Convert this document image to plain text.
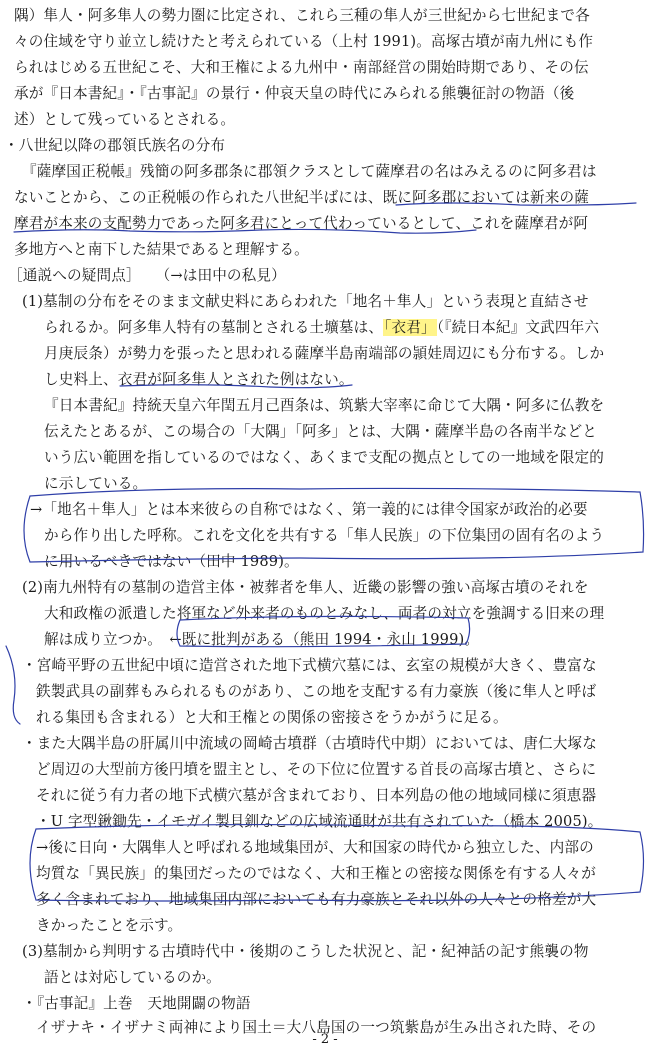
隅）隼人・阿多隼人の勢力圏に比定され、これら三種の隼人が三世紀から七世紀まで各
々の住域を守り並立し続けたと考えられている（上村 1991)。高塚古墳が南九州にも作
られはじめる五世紀こそ、大和王権による九州中・南部経営の開始時期であり、その伝
承が『日本書紀』・『古事記』の景行・仲哀天皇の時代にみられる熊襲征討の物語（後
述）として残っているとされる。
・八世紀以降の郡領氏族名の分布
『薩摩国正税帳』残簡の阿多郡条に郡領クラスとして薩摩君の名はみえるのに阿多君は
ないことから、この正税帳の作られた八世紀半ばには、既に阿多郡においては新来の薩
摩君が本来の支配勢力であった阿多君にとって代わっているとして、これを薩摩君が阿
多地方へと南下した結果であると理解する。
［通説への疑問点］　　（→は田中の私見）
(1)墓制の分布をそのまま文献史料にあらわれた「地名＋隼人」という表現と直結させ
られるか。阿多隼人特有の墓制とされる土壙墓は、「衣君」（『続日本紀』文武四年六
月庚辰条）が勢力を張ったと思われる薩摩半島南端部の頴娃周辺にも分布する。しか
し史料上、衣君が阿多隼人とされた例はない。
『日本書紀』持統天皇六年閏五月己酉条は、筑紫大宰率に命じて大隅・阿多に仏教を
伝えたとあるが、この場合の「大隅」「阿多」とは、大隅・薩摩半島の各南半などと
いう広い範囲を指しているのではなく、あくまで支配の拠点としての一地域を限定的
に示している。
→「地名＋隼人」とは本来彼らの自称ではなく、第一義的には律令国家が政治的必要
から作り出した呼称。これを文化を共有する「隼人民族」の下位集団の固有名のよう
に用いるべきではない（田中 1989)。
(2)南九州特有の墓制の造営主体・被葬者を隼人、近畿の影響の強い高塚古墳のそれを
大和政権の派遣した将軍など外来者のものとみなし、両者の対立を強調する旧来の理
解は成り立つか。　←既に批判がある（熊田 1994・永山 1999)。
・宮崎平野の五世紀中頃に造営された地下式横穴墓には、玄室の規模が大きく、豊富な
鉄製武具の副葬もみられるものがあり、この地を支配する有力豪族（後に隼人と呼ば
れる集団も含まれる）と大和王権との関係の密接さをうかがうに足る。
・また大隅半島の肝属川中流域の岡崎古墳群（古墳時代中期）においては、唐仁大塚な
ど周辺の大型前方後円墳を盟主とし、その下位に位置する首長の高塚古墳と、さらに
それに従う有力者の地下式横穴墓が含まれており、日本列島の他の地域同様に須恵器
・U 字型鍬鋤先・イモガイ製貝釧などの広域流通財が共有されていた（橋本 2005)。
→後に日向・大隅隼人と呼ばれる地域集団が、大和国家の時代から独立した、内部の
均質な「異民族」的集団だったのではなく、大和王権との密接な関係を有する人々が
多く含まれており、地域集団内部においても有力豪族とそれ以外の人々との格差が大
きかったことを示す。
(3)墓制から判明する古墳時代中・後期のこうした状況と、記・紀神話の記す熊襲の物
語とは対応しているのか。
・『古事記』上巻　天地開闢の物語
イザナキ・イザナミ両神により国土＝大八島国の一つ筑紫島が生み出された時、その
- 2 -
